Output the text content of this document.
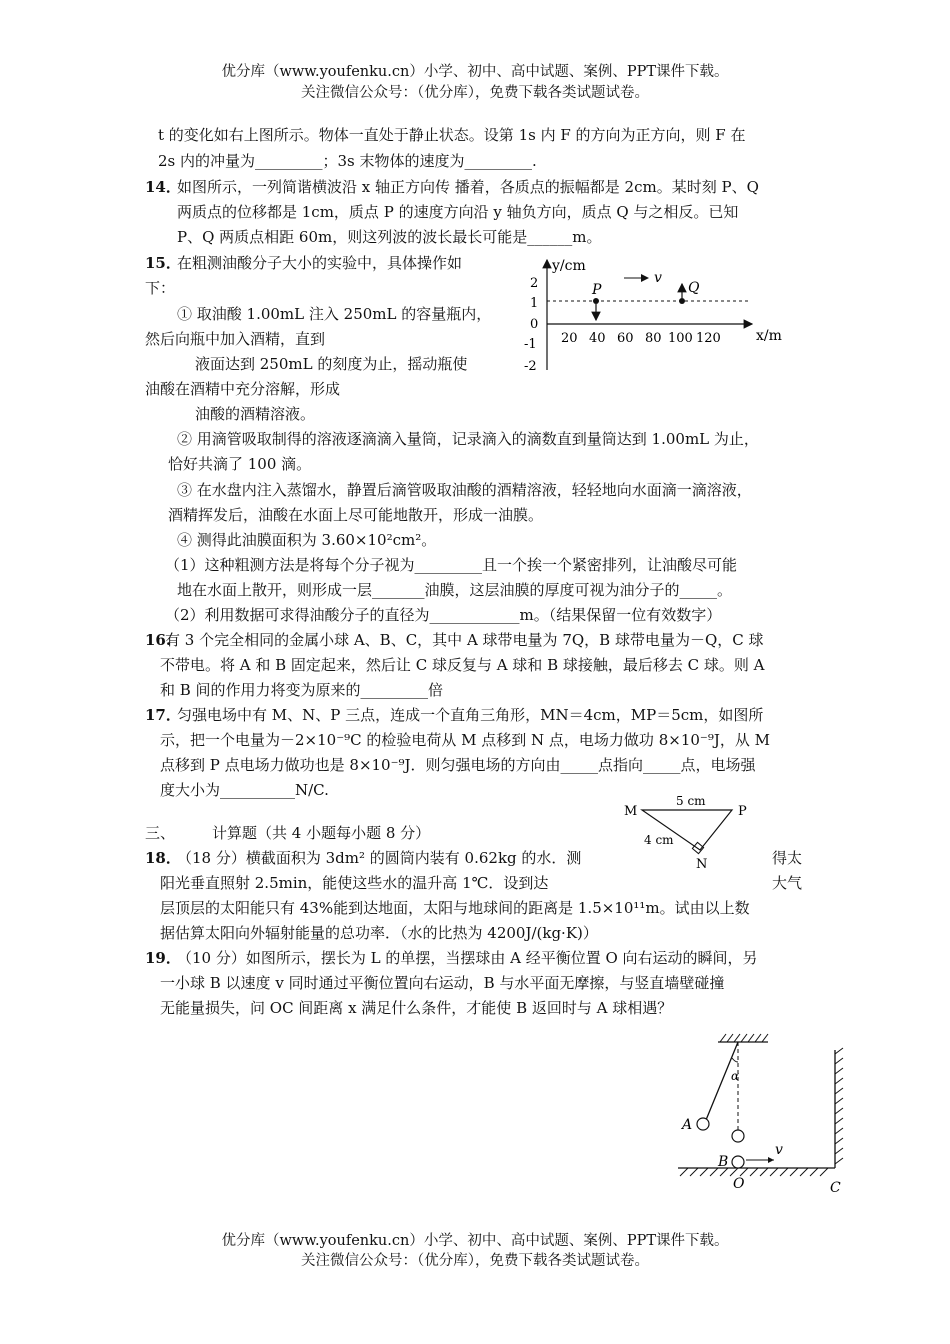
优分库（www.youfenku.cn）小学、初中、高中试题、案例、PPT课件下载。
关注微信公众号：（优分库），免费下载各类试题试卷。
t 的变化如右上图所示。物体一直处于静止状态。设第 1s 内 F 的方向为正方向，则 F 在
2s 内的冲量为_________；3s 末物体的速度为_________.
14．
如图所示，一列简谐横波沿 x 轴正方向传 播着，各质点的振幅都是 2cm。某时刻 P、Q
两质点的位移都是 1cm，质点 P 的速度方向沿 y 轴负方向，质点 Q 与之相反。已知
P、Q 两质点相距 60m，则这列波的波长最长可能是______m。
15．
在粗测油酸分子大小的实验中，具体操作如
下：
① 取油酸 1.00mL 注入 250mL 的容量瓶内，
然后向瓶中加入酒精，直到
液面达到 250mL 的刻度为止，摇动瓶使
油酸在酒精中充分溶解，形成
油酸的酒精溶液。
② 用滴管吸取制得的溶液逐滴滴入量筒，记录滴入的滴数直到量筒达到 1.00mL 为止，
恰好共滴了 100 滴。
③ 在水盘内注入蒸馏水，静置后滴管吸取油酸的酒精溶液，轻轻地向水面滴一滴溶液，
酒精挥发后，油酸在水面上尽可能地散开，形成一油膜。
④ 测得此油膜面积为 3.60×10²cm²。
（1）这种粗测方法是将每个分子视为_________且一个挨一个紧密排列，让油酸尽可能
地在水面上散开，则形成一层_______油膜，这层油膜的厚度可视为油分子的_____。
（2）利用数据可求得油酸分子的直径为____________m。（结果保留一位有效数字）
y/cm
x/m
2
1
0
-1
-2
20 40 60 80 100 120
P	Q
v
16.
有 3 个完全相同的金属小球 A、B、C，其中 A 球带电量为 7Q，B 球带电量为－Q，C 球
不带电。将 A 和 B 固定起来，然后让 C 球反复与 A 球和 B 球接触，最后移去 C 球。则 A
和 B 间的作用力将变为原来的_________倍
17．
匀强电场中有 M、N、P 三点，连成一个直角三角形，MN＝4cm，MP＝5cm，如图所
示，把一个电量为－2×10⁻⁹C 的检验电荷从 M 点移到 N 点，电场力做功 8×10⁻⁹J，从 M
点移到 P 点电场力做功也是 8×10⁻⁹J．则匀强电场的方向由_____点指向_____点，电场强
度大小为__________N/C.
M	P
N
5 cm
4 cm
三、 计算题（共 4 小题每小题 8 分）
18．
（18 分）横截面积为 3dm² 的圆筒内装有 0.62kg 的水．测	得太
阳光垂直照射 2.5min，能使这些水的温升高 1℃．设到达	大气
层顶层的太阳能只有 43%能到达地面，太阳与地球间的距离是 1.5×10¹¹m。试由以上数
据估算太阳向外辐射能量的总功率．（水的比热为 4200J/(kg·K)）
19．
（10 分）如图所示，摆长为 L 的单摆，当摆球由 A 经平衡位置 O 向右运动的瞬间，另
一小球 B 以速度 v 同时通过平衡位置向右运动，B 与水平面无摩擦，与竖直墙壁碰撞
无能量损失，问 OC 间距离 x 满足什么条件，才能使 B 返回时与 A 球相遇？
α
A
B
v
O	C
优分库（www.youfenku.cn）小学、初中、高中试题、案例、PPT课件下载。
关注微信公众号：（优分库），免费下载各类试题试卷。
